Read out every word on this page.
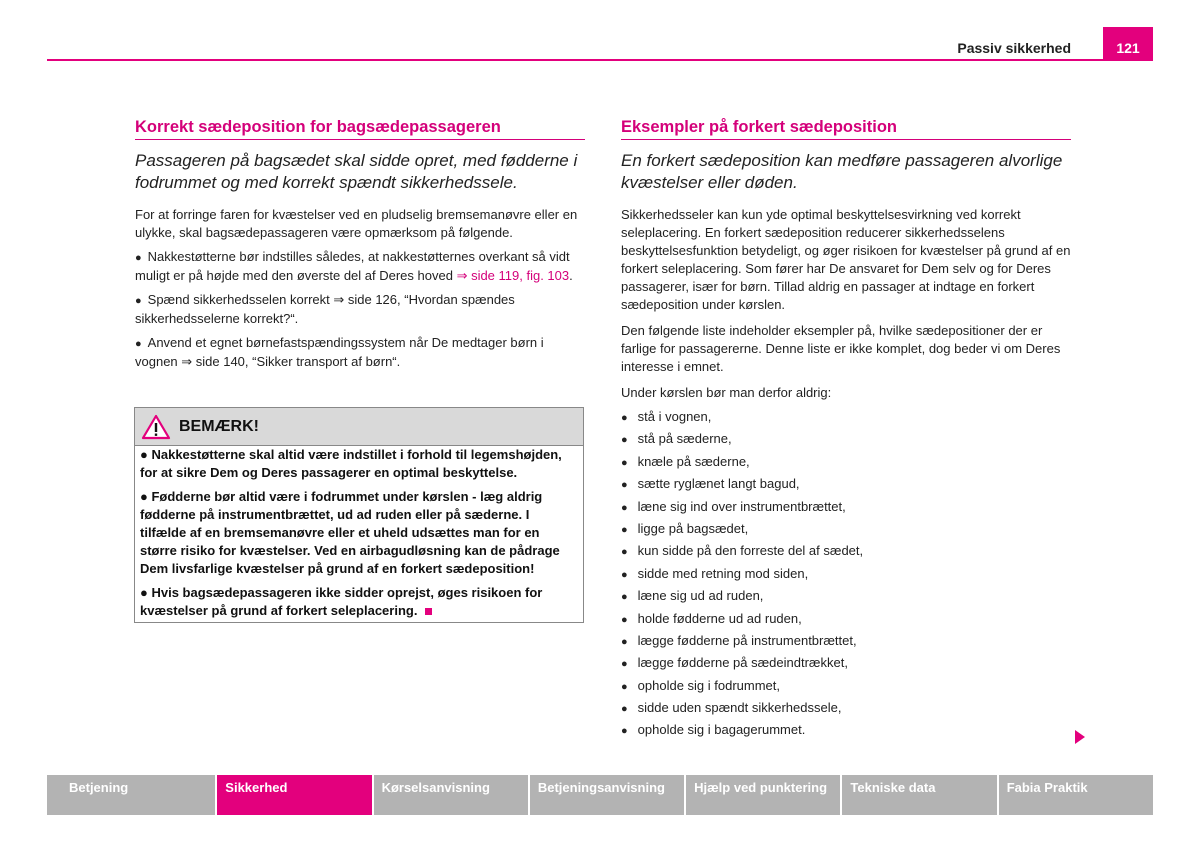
Passiv sikkerhed	121
Korrekt sædeposition for bagsædepassageren

Passageren på bagsædet skal sidde opret, med fødderne i fodrummet og med korrekt spændt sikkerhedssele.

For at forringe faren for kvæstelser ved en pludselig bremsemanøvre eller en ulykke, skal bagsædepassageren være opmærksom på følgende.

● Nakkestøtterne bør indstilles således, at nakkestøtternes overkant så vidt muligt er på højde med den øverste del af Deres hoved ⇒ side 119, fig. 103.
● Spænd sikkerhedsselen korrekt ⇒ side 126, “Hvordan spændes sikkerhedsselerne korrekt?“.
● Anvend et egnet børnefastspændingssystem når De medtager børn i vognen ⇒ side 140, “Sikker transport af børn“.
BEMÆRK!
● Nakkestøtterne skal altid være indstillet i forhold til legemshøjden, for at sikre Dem og Deres passagerer en optimal beskyttelse.
● Fødderne bør altid være i fodrummet under kørslen - læg aldrig fødderne på instrumentbrættet, ud ad ruden eller på sæderne. I tilfælde af en bremsemanøvre eller et uheld udsættes man for en større risiko for kvæstelser. Ved en airbagudløsning kan de pådrage Dem livsfarlige kvæstelser på grund af en forkert sædeposition!
● Hvis bagsædepassageren ikke sidder oprejst, øges risikoen for kvæstelser på grund af forkert seleplacering.
Eksempler på forkert sædeposition

En forkert sædeposition kan medføre passageren alvorlige kvæstelser eller døden.

Sikkerhedsseler kan kun yde optimal beskyttelsesvirkning ved korrekt seleplacering. En forkert sædeposition reducerer sikkerhedsselens beskyttelsesfunktion betydeligt, og øger risikoen for kvæstelser på grund af en forkert seleplacering. Som fører har De ansvaret for Dem selv og for Deres passagerer, især for børn. Tillad aldrig en passager at indtage en forkert sædeposition under kørslen.

Den følgende liste indeholder eksempler på, hvilke sædepositioner der er farlige for passagererne. Denne liste er ikke komplet, dog beder vi om Deres interesse i emnet.

Under kørslen bør man derfor aldrig:

● stå i vognen,
● stå på sæderne,
● knæle på sæderne,
● sætte ryglænet langt bagud,
● læne sig ind over instrumentbrættet,
● ligge på bagsædet,
● kun sidde på den forreste del af sædet,
● sidde med retning mod siden,
● læne sig ud ad ruden,
● holde fødderne ud ad ruden,
● lægge fødderne på instrumentbrættet,
● lægge fødderne på sædeindtrækket,
● opholde sig i fodrummet,
● sidde uden spændt sikkerhedssele,
● opholde sig i bagagerummet.
Betjening	Sikkerhed	Kørselsanvisning	Betjeningsanvisning	Hjælp ved punktering	Tekniske data	Fabia Praktik
